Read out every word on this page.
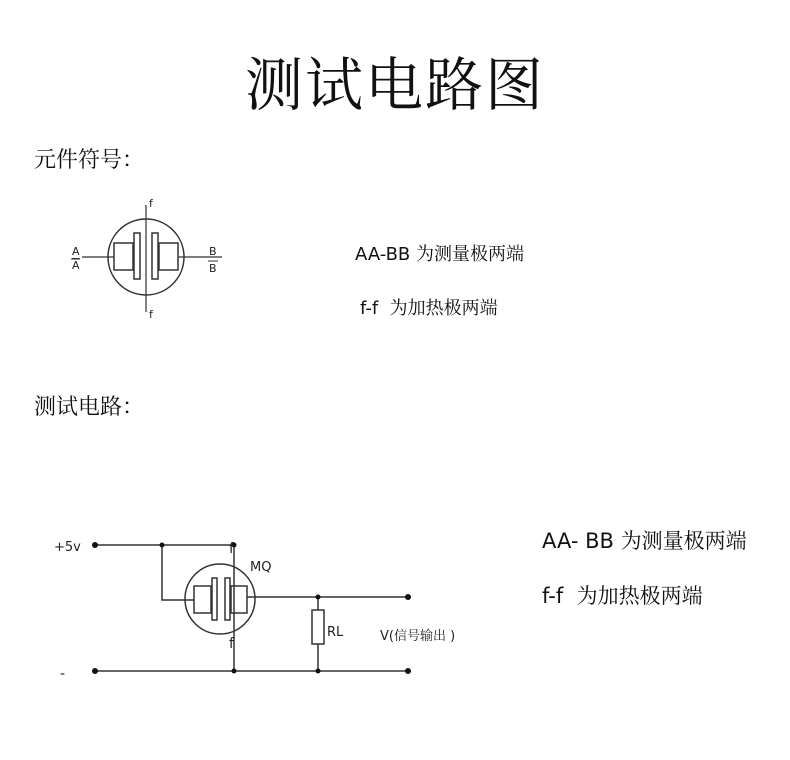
测试电路图
元件符号：
A
A
B
B
f
f
+5v
-
MQ
f
f
RL	V(信号输出 )
AA-BB 为测量极两端
f-f  为加热极两端
测试电路：
AA- BB 为测量极两端
f-f  为加热极两端
